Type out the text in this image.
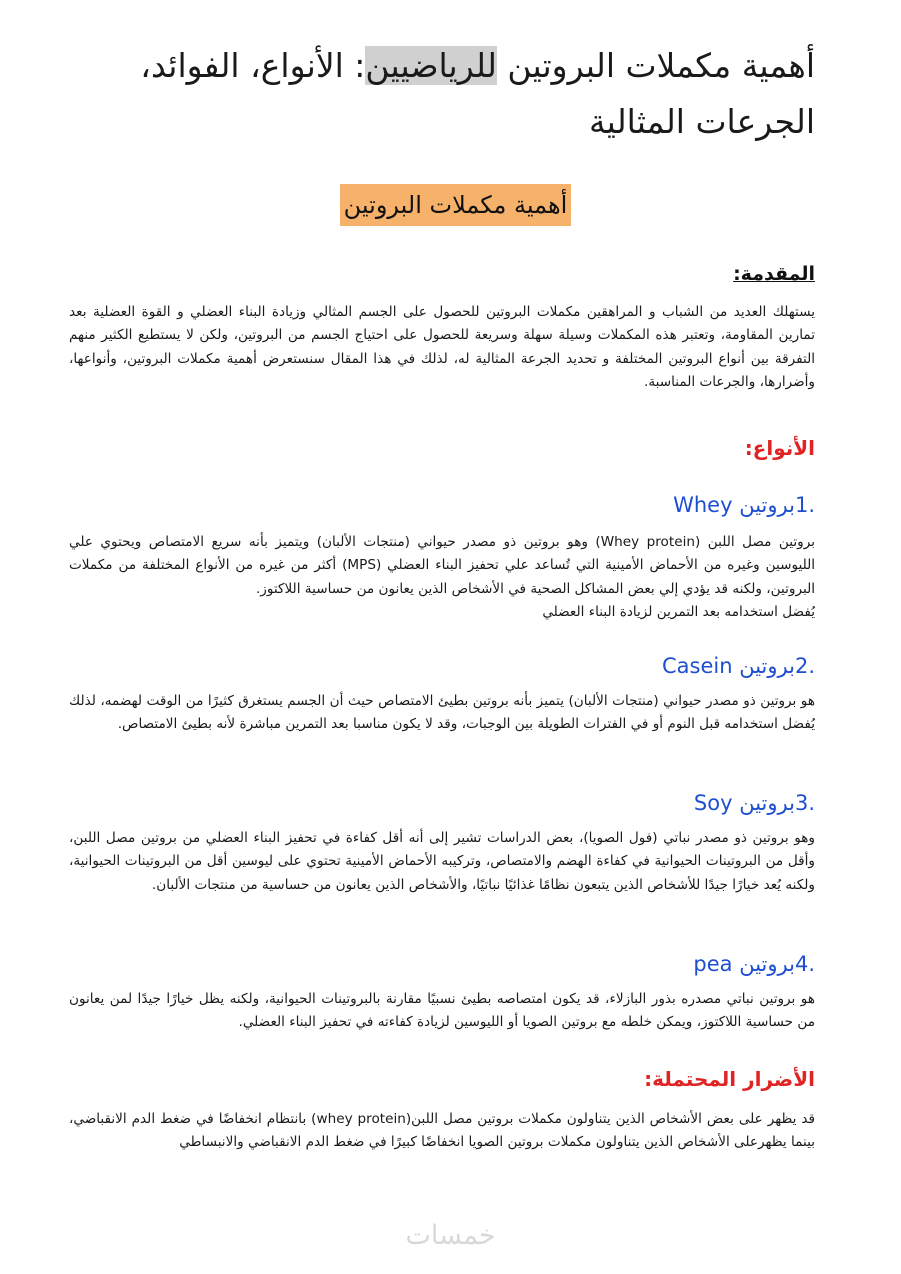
أهمية مكملات البروتين للرياضيين: الأنواع، الفوائد، الجرعات المثالية
أهمية مكملات البروتين
المقدمة:

يستهلك العديد من الشباب و المراهقين مكملات البروتين للحصول على الجسم المثالي وزيادة البناء العضلي و القوة العضلية بعد تمارين المقاومة، وتعتبر هذه المكملات وسيلة سهلة وسريعة للحصول على احتياج الجسم من البروتين، ولكن لا يستطيع الكثير منهم التفرقة بين أنواع البروتين المختلفة و تحديد الجرعة المثالية له، لذلك في هذا المقال سنستعرض أهمية مكملات البروتين، وأنواعها، وأضرارها، والجرعات المناسبة.

الأنواع:
1.بروتين Whey

بروتين مصل اللبن (Whey protein) وهو بروتين ذو مصدر حيواني (منتجات الألبان) ويتميز بأنه سريع الامتصاص ويحتوي علي الليوسين وغيره من الأحماض الأمينية التي تُساعد علي تحفيز البناء العضلي (MPS) أكثر من غيره من الأنواع المختلفة من مكملات البروتين، ولكنه قد يؤدي إلي بعض المشاكل الصحية في الأشخاص الذين يعانون من حساسية اللاكتوز.

يُفضل استخدامه بعد التمرين لزيادة البناء العضلي

2.بروتين Casein

هو بروتين ذو مصدر حيواني (منتجات الألبان) يتميز بأنه بروتين بطيئ الامتصاص حيث أن الجسم يستغرق كثيرًا من الوقت لهضمه، لذلك يُفضل استخدامه قبل النوم أو في الفترات الطويلة بين الوجبات، وقد لا يكون مناسبا بعد التمرين مباشرة لأنه بطيئ الامتصاص.

3.بروتين Soy

وهو بروتين ذو مصدر نباتي (فول الصويا)، بعض الدراسات تشير إلى أنه أقل كفاءة في تحفيز البناء العضلي من بروتين مصل اللبن، وأقل من البروتينات الحيوانية في كفاءة الهضم والامتصاص، وتركيبه الأحماض الأمينية تحتوي على ليوسين أقل من البروتينات الحيوانية، ولكنه يُعد خيارًا جيدًا للأشخاص الذين يتبعون نظامًا غذائيًا نباتيًا، والأشخاص الذين يعانون من حساسية من منتجات الألبان.

4.بروتين pea

هو بروتين نباتي مصدره بذور البازلاء، قد يكون امتصاصه بطيئ نسبيًا مقارنة بالبروتينات الحيوانية، ولكنه يظل خيارًا جيدًا لمن يعانون من حساسية اللاكتوز، ويمكن خلطه مع بروتين الصويا أو الليوسين لزيادة كفاءته في تحفيز البناء العضلي.

الأضرار المحتملة:

قد يظهر على بعض الأشخاص الذين يتناولون مكملات بروتين مصل اللبن(whey protein) بانتظام انخفاضًا في ضغط الدم الانقباضي، بينما يظهرعلى الأشخاص الذين يتناولون مكملات بروتين الصويا انخفاضًا كبيرًا في ضغط الدم الانقباضي والانبساطي

خمسات
